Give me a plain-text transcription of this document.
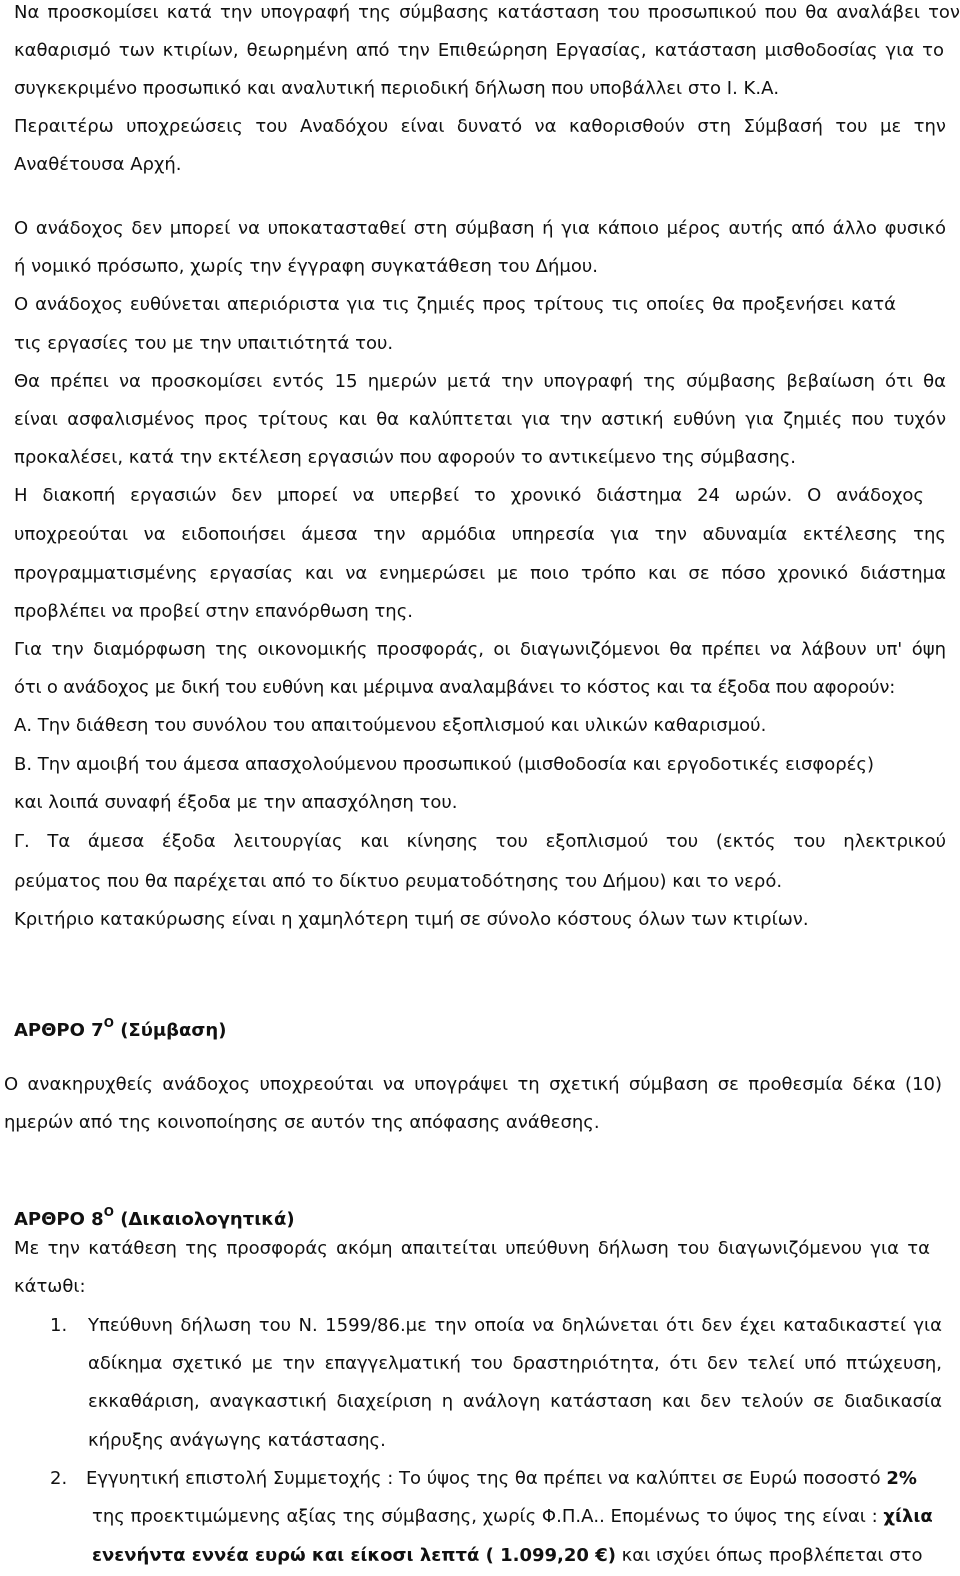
Να προσκομίσει κατά την υπογραφή της σύμβασης κατάσταση του προσωπικού που θα αναλάβει τον
καθαρισμό των κτιρίων, θεωρημένη από την Επιθεώρηση Εργασίας, κατάσταση μισθοδοσίας για το
συγκεκριμένο προσωπικό και αναλυτική περιοδική δήλωση που υποβάλλει στο Ι. Κ.Α.
Περαιτέρω υποχρεώσεις του Αναδόχου είναι δυνατό να καθορισθούν στη Σύμβασή του με την
Αναθέτουσα Αρχή.
Ο ανάδοχος δεν μπορεί να υποκατασταθεί στη σύμβαση ή για κάποιο μέρος αυτής από άλλο φυσικό
ή νομικό πρόσωπο, χωρίς την έγγραφη συγκατάθεση του Δήμου.
Ο ανάδοχος ευθύνεται απεριόριστα για τις ζημιές προς τρίτους τις οποίες θα προξενήσει κατά
τις εργασίες του με την υπαιτιότητά του.
Θα πρέπει να προσκομίσει εντός 15 ημερών μετά την υπογραφή της σύμβασης βεβαίωση ότι θα
είναι ασφαλισμένος προς τρίτους και θα καλύπτεται για την αστική ευθύνη για ζημιές που τυχόν
προκαλέσει, κατά την εκτέλεση εργασιών που αφορούν το αντικείμενο της σύμβασης.
Η διακοπή εργασιών δεν μπορεί να υπερβεί το χρονικό διάστημα 24 ωρών. Ο ανάδοχος
υποχρεούται να ειδοποιήσει άμεσα την αρμόδια υπηρεσία για την αδυναμία εκτέλεσης της
προγραμματισμένης εργασίας και να ενημερώσει με ποιο τρόπο και σε πόσο χρονικό διάστημα
προβλέπει να προβεί στην επανόρθωση της.
Για την διαμόρφωση της οικονομικής προσφοράς, οι διαγωνιζόμενοι θα πρέπει να λάβουν υπ' όψη
ότι ο ανάδοχος με δική του ευθύνη και μέριμνα αναλαμβάνει το κόστος και τα έξοδα που αφορούν:
Α. Την διάθεση του συνόλου του απαιτούμενου εξοπλισμού και υλικών καθαρισμού.
Β. Την αμοιβή του άμεσα απασχολούμενου προσωπικού (μισθοδοσία και εργοδοτικές εισφορές)
και λοιπά συναφή έξοδα με την απασχόληση του.
Γ. Τα άμεσα έξοδα λειτουργίας και κίνησης του εξοπλισμού του (εκτός του ηλεκτρικού
ρεύματος που θα παρέχεται από το δίκτυο ρευματοδότησης του Δήμου) και το νερό.
Κριτήριο κατακύρωσης είναι η χαμηλότερη τιμή σε σύνολο κόστους όλων των κτιρίων.
ΑΡΘΡΟ $7^O$ (Σύμβαση)
Ο ανακηρυχθείς ανάδοχος υποχρεούται να υπογράψει τη σχετική σύμβαση σε προθεσμία δέκα (10)
ημερών από της κοινοποίησης σε αυτόν της απόφασης ανάθεσης.
ΑΡΘΡΟ $8^O$ (Δικαιολογητικά)
Με την κατάθεση της προσφοράς ακόμη απαιτείται υπεύθυνη δήλωση του διαγωνιζόμενου για τα
κάτωθι:
1. Υπεύθυνη δήλωση του Ν. 1599/86.με την οποία να δηλώνεται ότι δεν έχει καταδικαστεί για
αδίκημα σχετικό με την επαγγελματική του δραστηριότητα, ότι δεν τελεί υπό πτώχευση,
εκκαθάριση, αναγκαστική διαχείριση η ανάλογη κατάσταση και δεν τελούν σε διαδικασία
κήρυξης ανάγωγης κατάστασης.
2. Εγγυητική επιστολή Συμμετοχής : Το ύψος της θα πρέπει να καλύπτει σε Ευρώ ποσοστό 2%
της προεκτιμώμενης αξίας της σύμβασης, χωρίς Φ.Π.Α.. Επομένως το ύψος της είναι : χίλια
ενενήντα εννέα ευρώ και είκοσι λεπτά ( 1.099,20 €) και ισχύει όπως προβλέπεται στο
